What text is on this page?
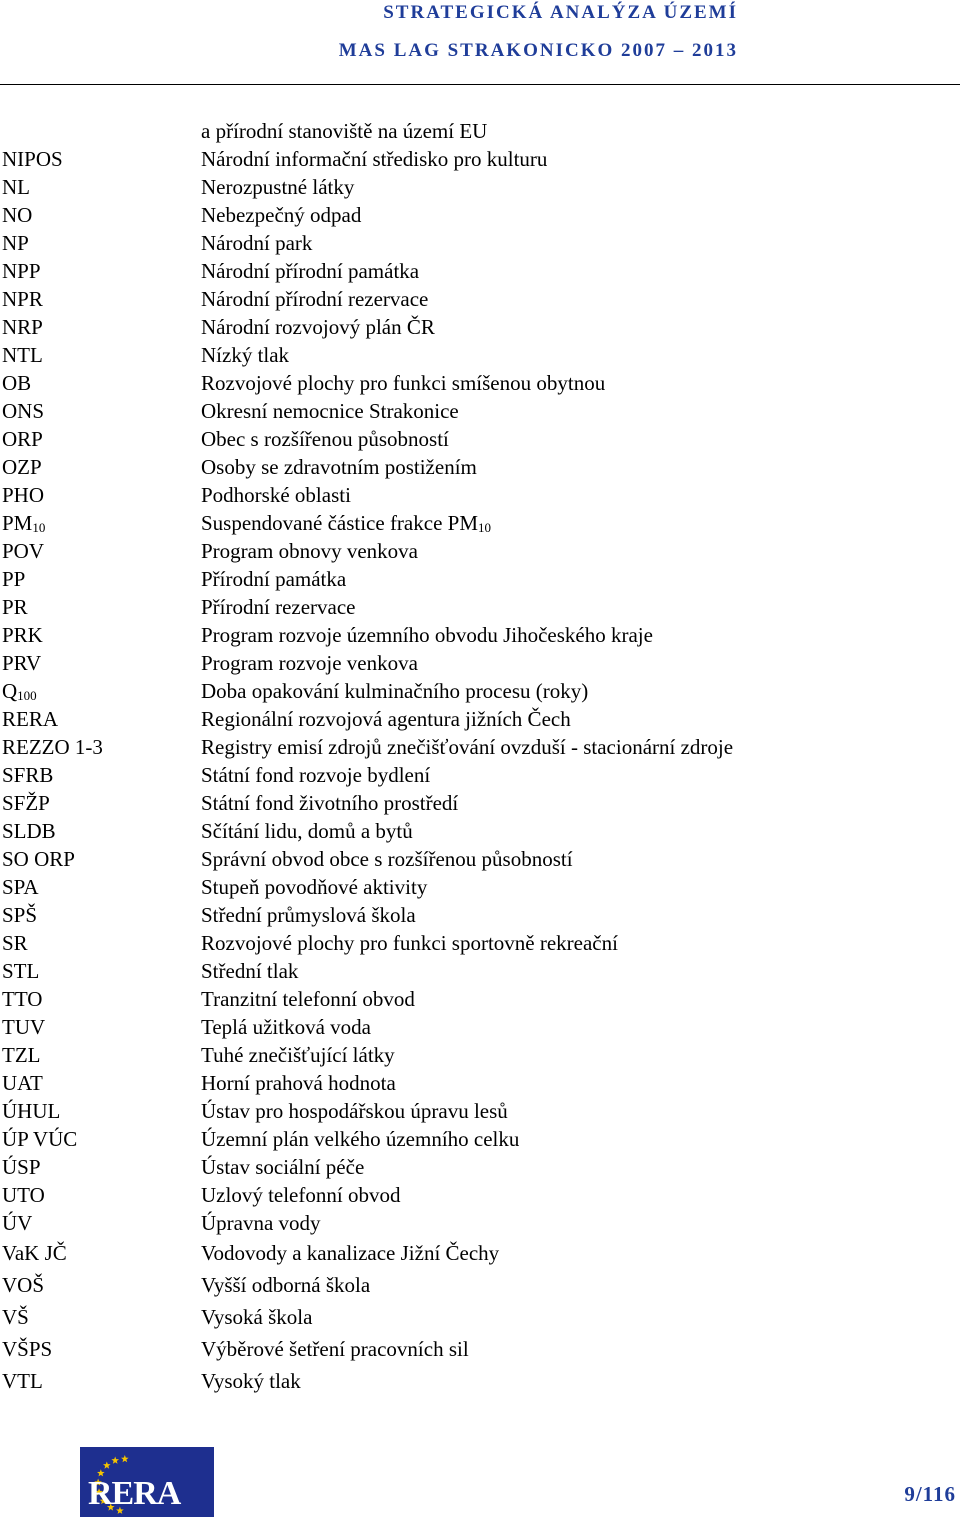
STRATEGICKÁ ANALÝZA ÚZEMÍ
MAS LAG STRAKONICKO 2007 – 2013
a přírodní stanoviště na území EU
NIPOS	Národní informační středisko pro kulturu
NL	Nerozpustné látky
NO	Nebezpečný odpad
NP	Národní park
NPP	Národní přírodní památka
NPR	Národní přírodní rezervace
NRP	Národní rozvojový plán ČR
NTL	Nízký tlak
OB	Rozvojové plochy pro funkci smíšenou obytnou
ONS	Okresní nemocnice Strakonice
ORP	Obec s rozšířenou působností
OZP	Osoby se zdravotním postižením
PHO	Podhorské oblasti
$PM_{10}$	Suspendované částice frakce $PM_{10}$
POV	Program obnovy venkova
PP	Přírodní památka
PR	Přírodní rezervace
PRK	Program rozvoje územního obvodu Jihočeského kraje
PRV	Program rozvoje venkova
$Q_{100}$	Doba opakování kulminačního procesu (roky)
RERA	Regionální rozvojová agentura jižních Čech
REZZO 1-3	Registry emisí zdrojů znečišťování ovzduší - stacionární zdroje
SFRB	Státní fond rozvoje bydlení
SFŽP	Státní fond životního prostředí
SLDB	Sčítání lidu, domů a bytů
SO ORP	Správní obvod obce s rozšířenou působností
SPA	Stupeň povodňové aktivity
SPŠ	Střední průmyslová škola
SR	Rozvojové plochy pro funkci sportovně rekreační
STL	Střední tlak
TTO	Tranzitní telefonní obvod
TUV	Teplá užitková voda
TZL	Tuhé znečišťující látky
UAT	Horní prahová hodnota
ÚHUL	Ústav pro hospodářskou úpravu lesů
ÚP VÚC	Územní plán velkého územního celku
ÚSP	Ústav sociální péče
UTO	Uzlový telefonní obvod
ÚV	Úpravna vody
VaK JČ	Vodovody a kanalizace Jižní Čechy
VOŠ	Vyšší odborná škola
VŠ	Vysoká škola
VŠPS	Výběrové šetření pracovních sil
VTL	Vysoký tlak
RERA	9/116
